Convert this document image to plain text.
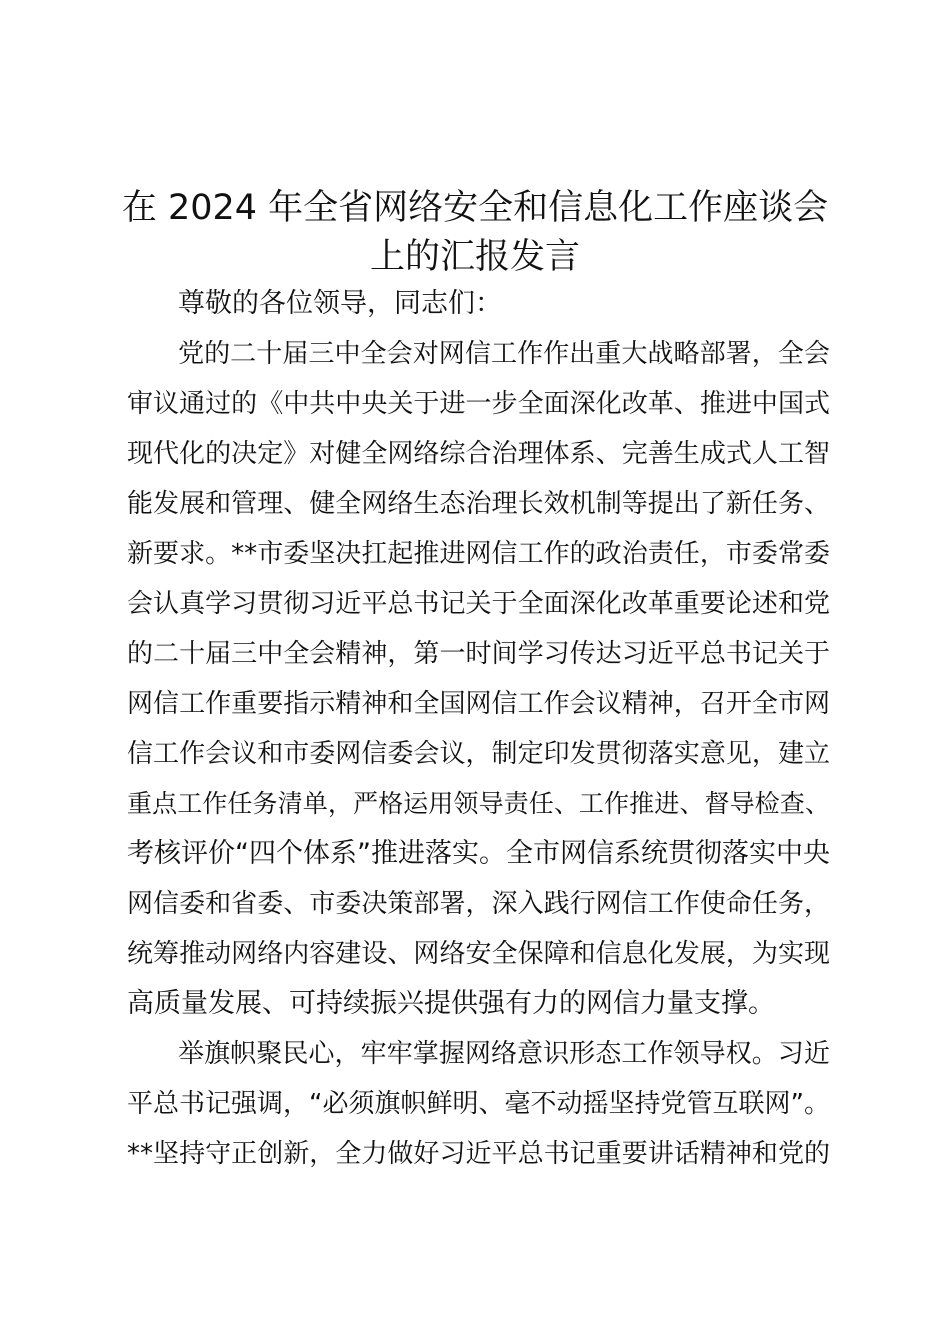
在 2024 年全省网络安全和信息化工作座谈会
上的汇报发言

尊敬的各位领导，同志们：

党的二十届三中全会对网信工作作出重大战略部署，全会

审议通过的《中共中央关于进一步全面深化改革、推进中国式

现代化的决定》对健全网络综合治理体系、完善生成式人工智

能发展和管理、健全网络生态治理长效机制等提出了新任务、

新要求。**市委坚决扛起推进网信工作的政治责任，市委常委

会认真学习贯彻习近平总书记关于全面深化改革重要论述和党

的二十届三中全会精神，第一时间学习传达习近平总书记关于

网信工作重要指示精神和全国网信工作会议精神，召开全市网

信工作会议和市委网信委会议，制定印发贯彻落实意见，建立

重点工作任务清单，严格运用领导责任、工作推进、督导检查、

考核评价“四个体系”推进落实。全市网信系统贯彻落实中央

网信委和省委、市委决策部署，深入践行网信工作使命任务，

统筹推动网络内容建设、网络安全保障和信息化发展，为实现

高质量发展、可持续振兴提供强有力的网信力量支撑。

举旗帜聚民心，牢牢掌握网络意识形态工作领导权。习近

平总书记强调，“必须旗帜鲜明、毫不动摇坚持党管互联网”。

**坚持守正创新，全力做好习近平总书记重要讲话精神和党的
